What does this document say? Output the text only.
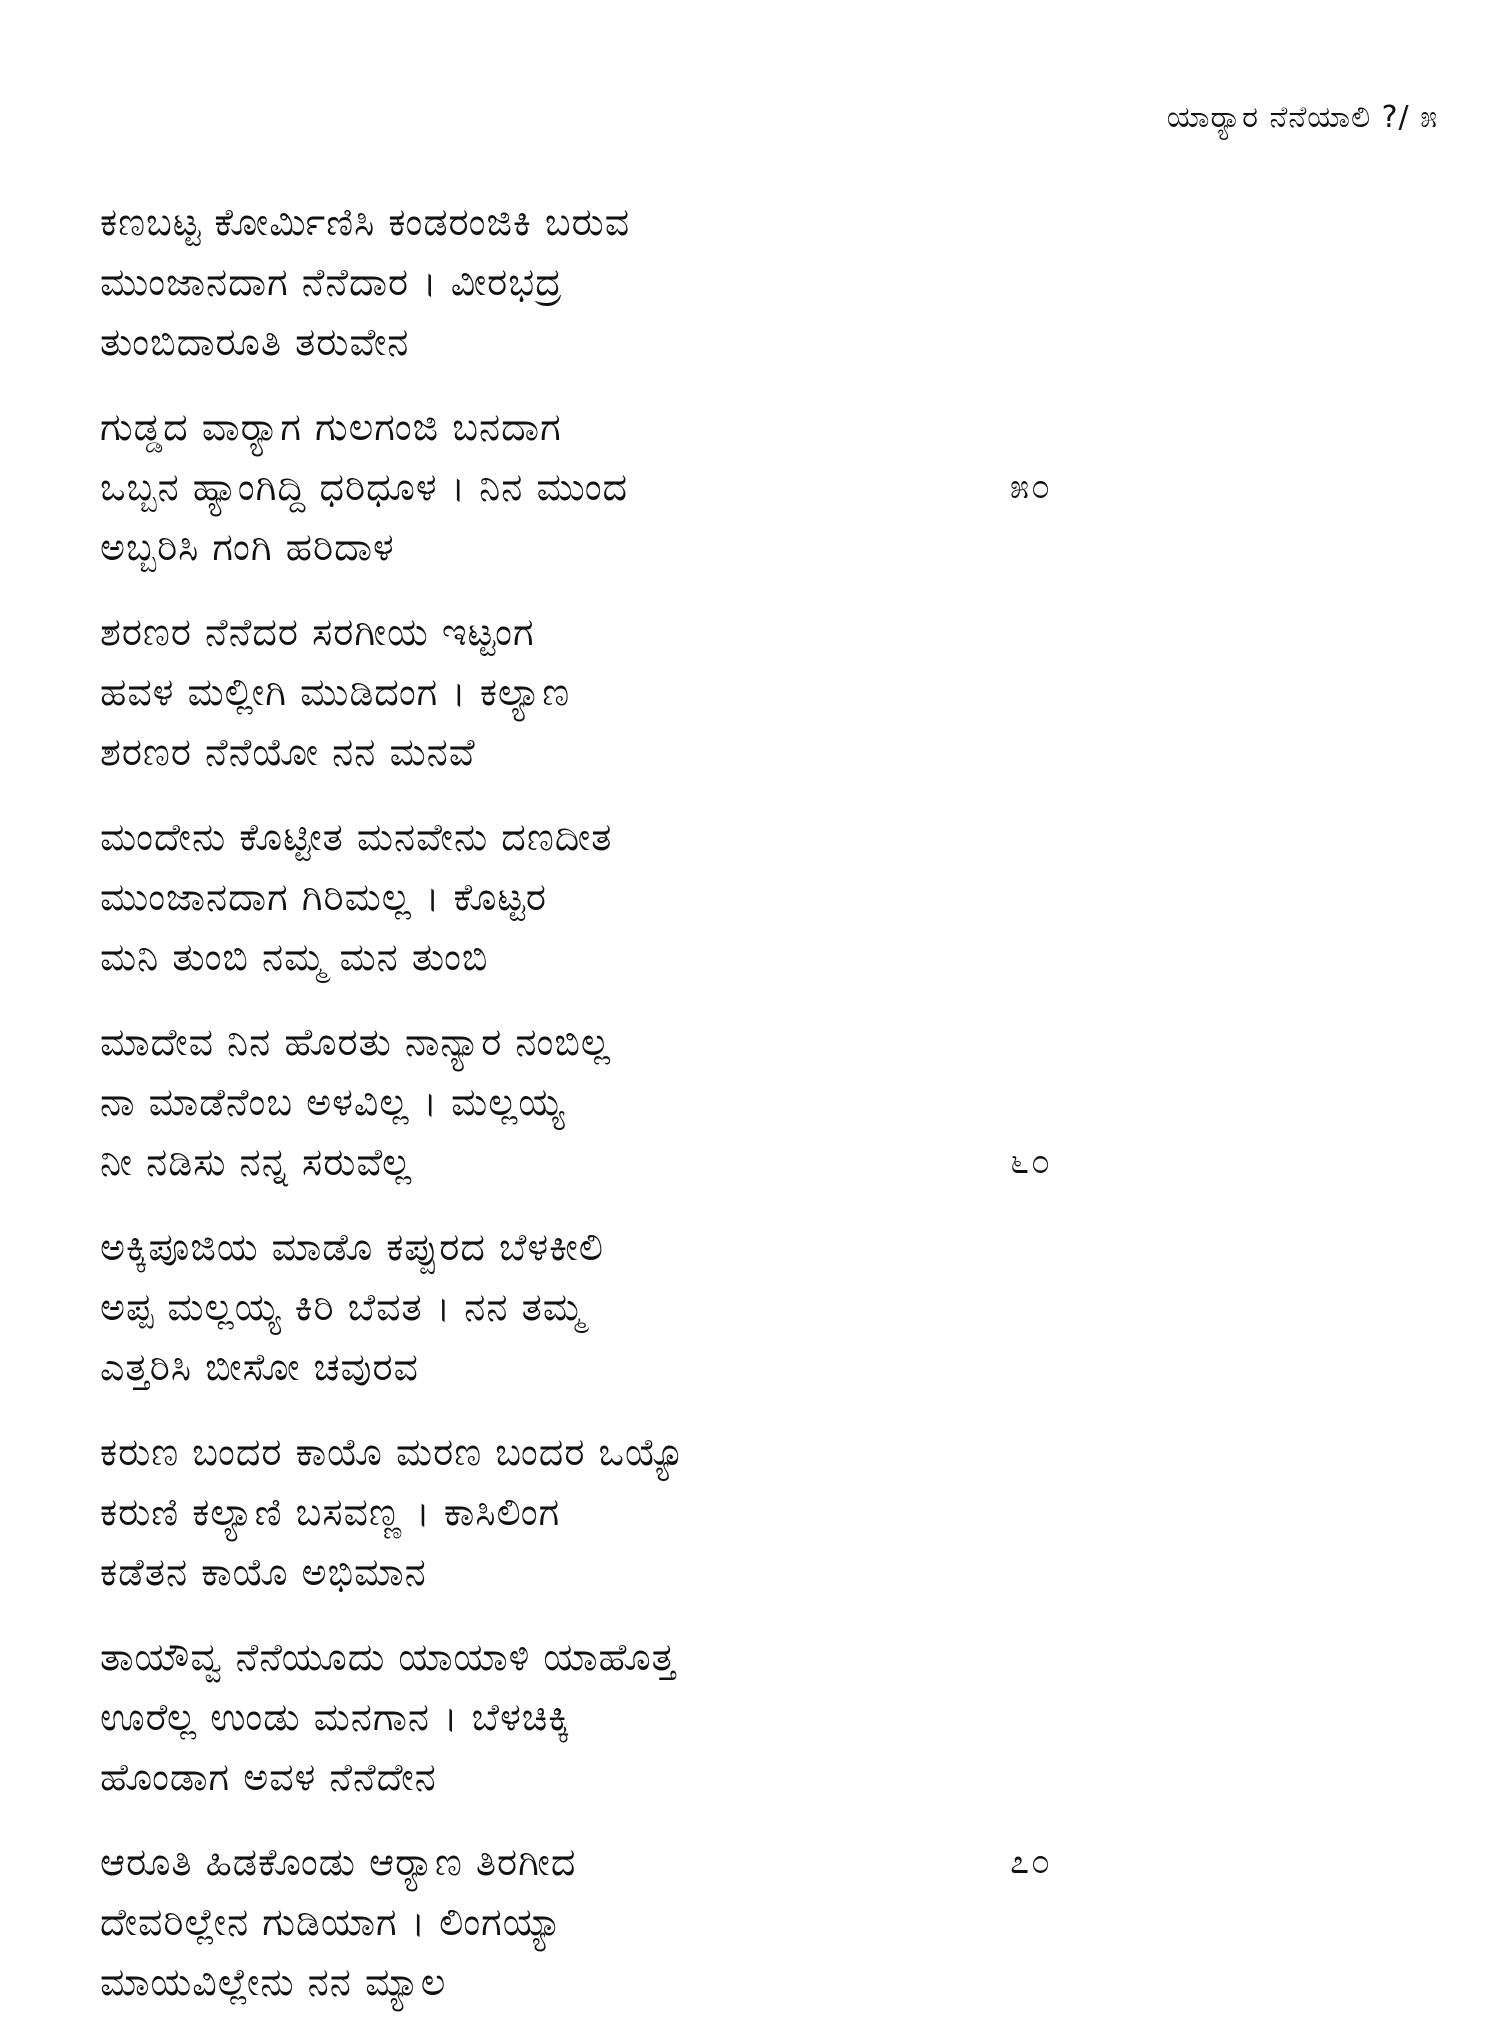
ಯಾರ್‍ಯಾರ ನೆನೆಯಾಲಿ ?/ ೫
ಕಣಬಟ್ಟ ಕೋರ್ಮಿಣಿಸಿ ಕಂಡರಂಜಿಕಿ ಬರುವ
ಮುಂಜಾನದಾಗ ನೆನೆದಾರ । ವೀರಭದ್ರ
ತುಂಬಿದಾರೂತಿ ತರುವೇನ
ಗುಡ್ಡದ ವಾರ್‍ಯಾಗ ಗುಲಗಂಜಿ ಬನದಾಗ
ಒಬ್ಬನ ಹ್ಯಾಂಗಿದ್ದಿ ಧರಿಧೂಳ । ನಿನ ಮುಂದ
ಅಬ್ಬರಿಸಿ ಗಂಗಿ ಹರಿದಾಳ
೫೦
ಶರಣರ ನೆನೆದರ ಸರಗೀಯ ಇಟ್ಟಂಗ
ಹವಳ ಮಲ್ಲೀಗಿ ಮುಡಿದಂಗ । ಕಲ್ಯಾಣ
ಶರಣರ ನೆನೆಯೋ ನನ ಮನವೆ
ಮಂದೇನು ಕೊಟ್ಟೀತ ಮನವೇನು ದಣದೀತ
ಮುಂಜಾನದಾಗ ಗಿರಿಮಲ್ಲ । ಕೊಟ್ಟರ
ಮನಿ ತುಂಬಿ ನಮ್ಮ ಮನ ತುಂಬಿ
ಮಾದೇವ ನಿನ ಹೊರತು ನಾನ್ಯಾರ ನಂಬಿಲ್ಲ
ನಾ ಮಾಡೆನೆಂಬ ಅಳವಿಲ್ಲ । ಮಲ್ಲಯ್ಯ
ನೀ ನಡಿಸು ನನ್ನ ಸರುವೆಲ್ಲ	೬೦
ಅಕ್ಕಿಪೂಜಿಯ ಮಾಡೊ ಕಪ್ಪುರದ ಬೆಳಕೀಲಿ
ಅಪ್ಪ ಮಲ್ಲಯ್ಯ ಕಿರಿ ಬೆವತ । ನನ ತಮ್ಮ
ಎತ್ತರಿಸಿ ಬೀಸೋ ಚವುರವ
ಕರುಣ ಬಂದರ ಕಾಯೊ ಮರಣ ಬಂದರ ಒಯ್ಯೊ
ಕರುಣಿ ಕಲ್ಯಾಣಿ ಬಸವಣ್ಣ । ಕಾಸಿಲಿಂಗ
ಕಡೆತನ ಕಾಯೊ ಅಭಿಮಾನ
ತಾಯೌವ್ವ ನೆನೆಯೂದು ಯಾಯಾಳಿ ಯಾಹೊತ್ತ
ಊರೆಲ್ಲ ಉಂಡು ಮನಗಾನ । ಬೆಳಚಿಕ್ಕಿ
ಹೊಂಡಾಗ ಅವಳ ನೆನೆದೇನ
ಆರೂತಿ ಹಿಡಕೊಂಡು ಆರ್‍ಯಾಣ ತಿರಗೀದ
ದೇವರಿಲ್ಲೇನ ಗುಡಿಯಾಗ । ಲಿಂಗಯ್ಯಾ
ಮಾಯವಿಲ್ಲೇನು ನನ ಮ್ಯಾಲ
೭೦
